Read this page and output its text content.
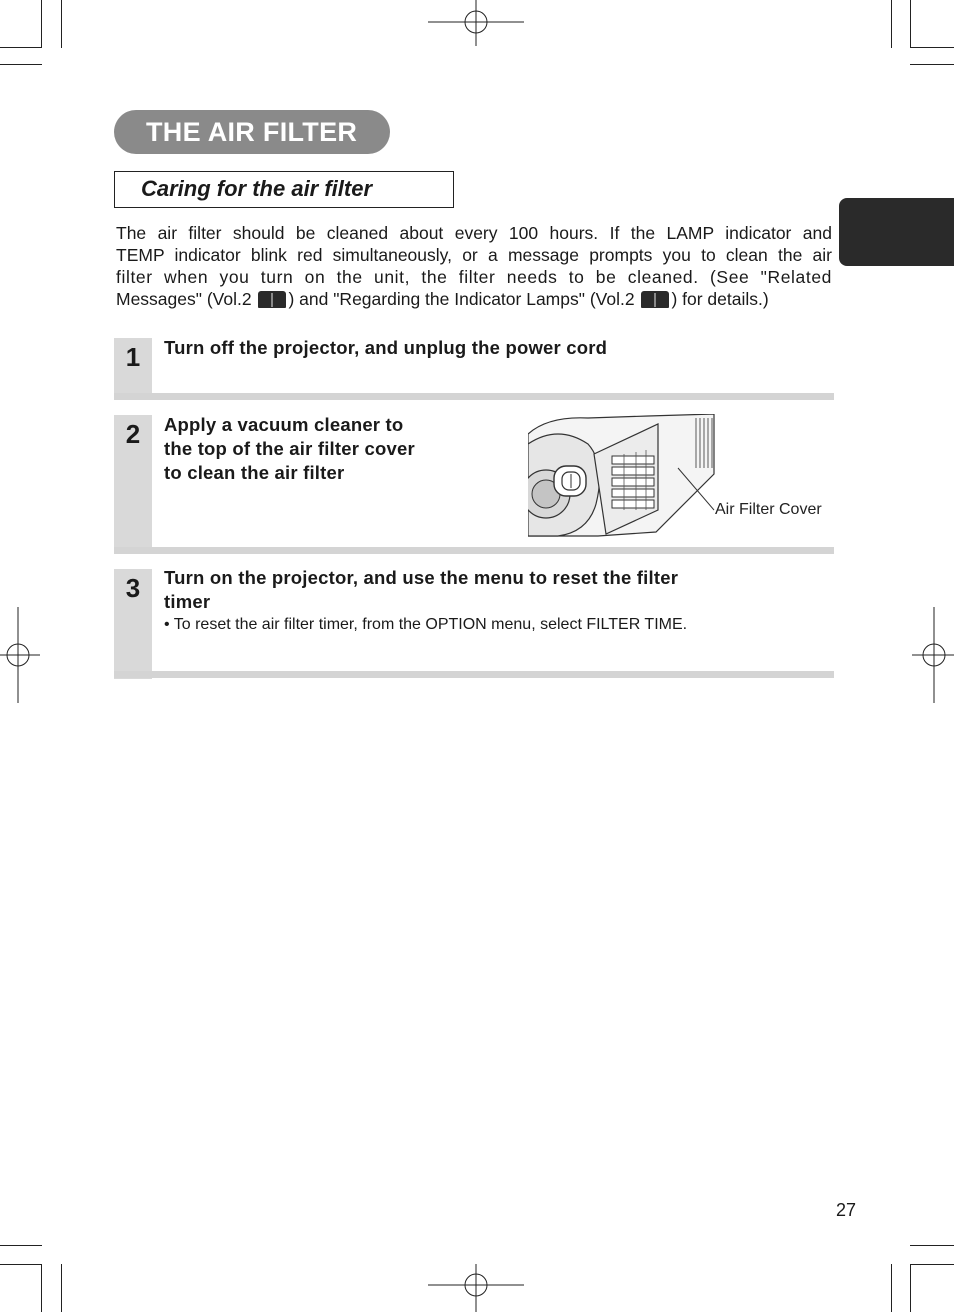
THE AIR FILTER
Caring for the air filter

The air filter should be cleaned about every 100 hours. If the LAMP indicator and

TEMP indicator blink red simultaneously, or a message prompts you to clean the air

filter when you turn on the unit, the filter needs to be cleaned. (See "Related

Messages" (Vol.2 ) and "Regarding the Indicator Lamps" (Vol.2 ) for details.)

1	Turn off the projector, and unplug the power cord
2	Apply a vacuum cleaner to
the top of the air filter cover
to clean the air filter
Air Filter Cover
3	Turn on the projector, and use the menu to reset the filter
timer
• To reset the air filter timer, from the OPTION menu, select FILTER TIME.
27
